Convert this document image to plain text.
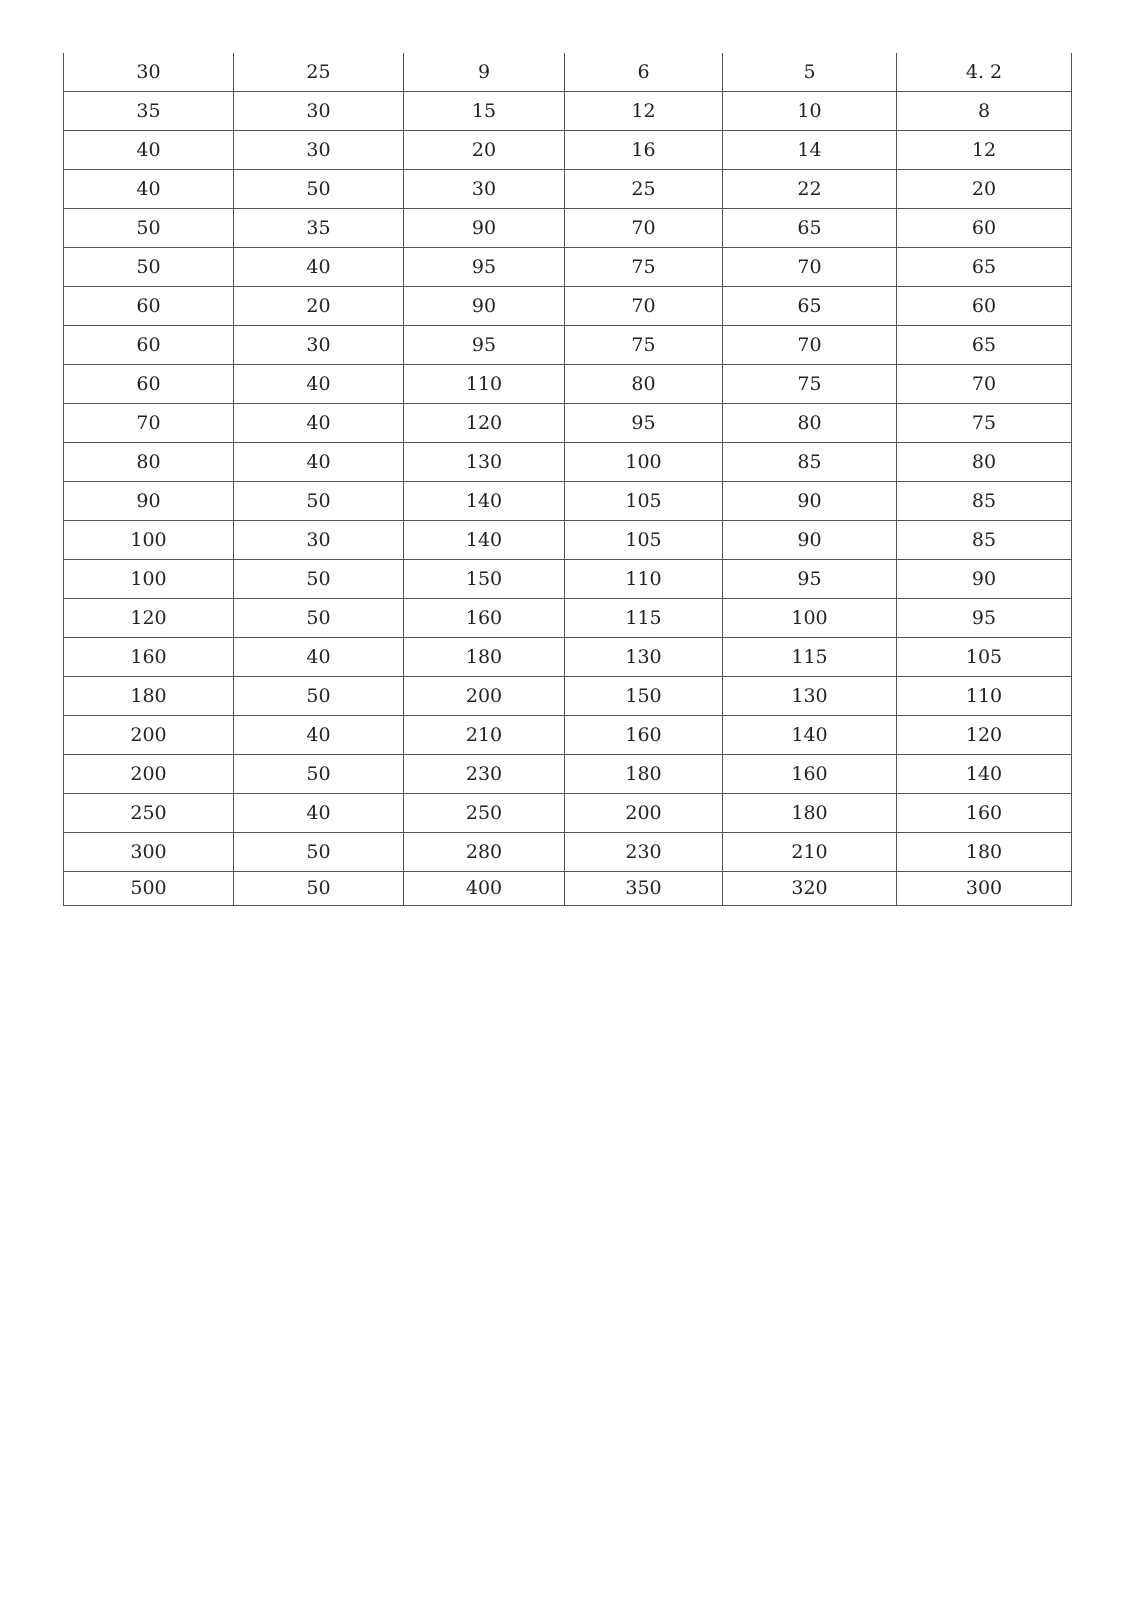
30	25	9	6	5	4. 2
35	30	15	12	10	8
40	30	20	16	14	12
40	50	30	25	22	20
50	35	90	70	65	60
50	40	95	75	70	65
60	20	90	70	65	60
60	30	95	75	70	65
60	40	110	80	75	70
70	40	120	95	80	75
80	40	130	100	85	80
90	50	140	105	90	85
100	30	140	105	90	85
100	50	150	110	95	90
120	50	160	115	100	95
160	40	180	130	115	105
180	50	200	150	130	110
200	40	210	160	140	120
200	50	230	180	160	140
250	40	250	200	180	160
300	50	280	230	210	180
500	50	400	350	320	300
